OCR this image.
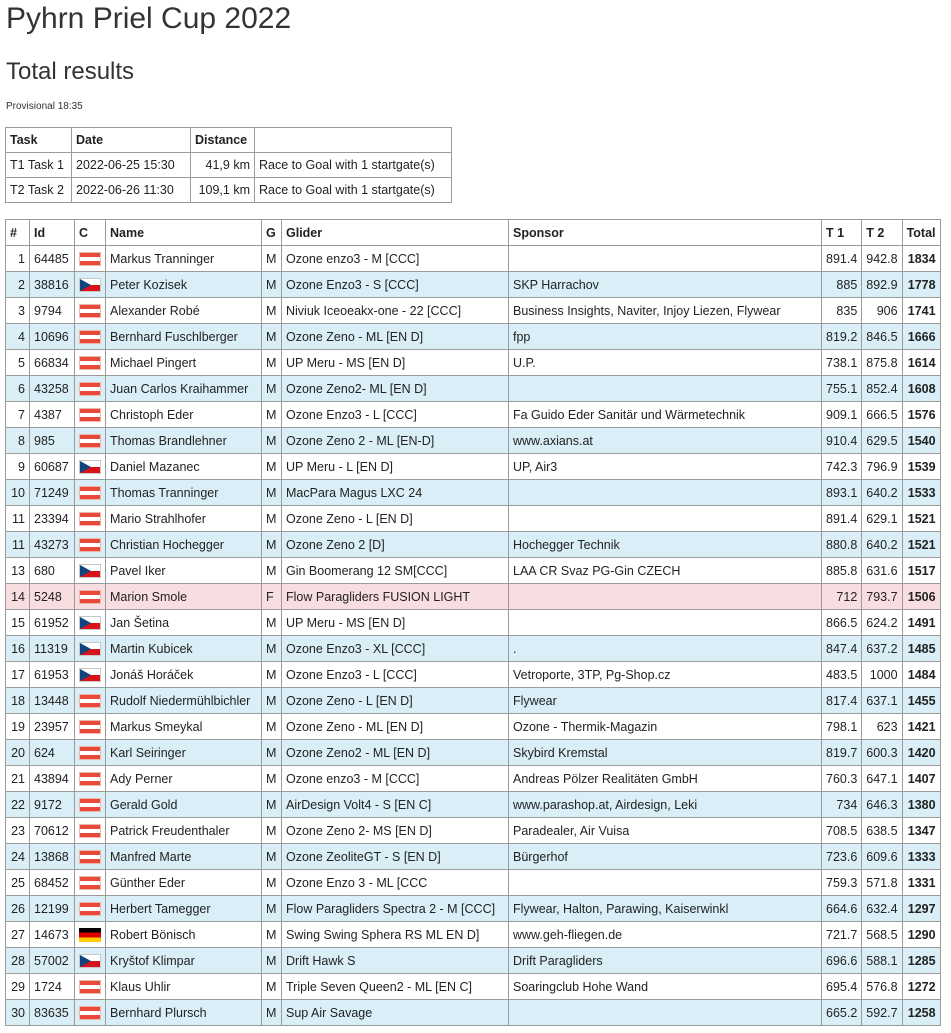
Pyhrn Priel Cup 2022
Total results
Provisional 18:35
Task	Date	Distance	
T1 Task 1	2022-06-25 15:30	41,9 km	Race to Goal with 1 startgate(s)
T2 Task 2	2022-06-26 11:30	109,1 km	Race to Goal with 1 startgate(s)
#	Id	C	Name	G	Glider	Sponsor	T 1	T 2	Total
1	64485		Markus Tranninger	M	Ozone enzo3 - M [CCC]		891.4	942.8	1834
2	38816		Peter Kozisek	M	Ozone Enzo3 - S [CCC]	SKP Harrachov	885	892.9	1778
3	9794		Alexander Robé	M	Niviuk Iceoeakx-one - 22 [CCC]	Business Insights, Naviter, Injoy Liezen, Flywear	835	906	1741
4	10696		Bernhard Fuschlberger	M	Ozone Zeno - ML [EN D]	fpp	819.2	846.5	1666
5	66834		Michael Pingert	M	UP Meru - MS [EN D]	U.P.	738.1	875.8	1614
6	43258		Juan Carlos Kraihammer	M	Ozone Zeno2- ML [EN D]		755.1	852.4	1608
7	4387		Christoph Eder	M	Ozone Enzo3 - L [CCC]	Fa Guido Eder Sanitär und Wärmetechnik	909.1	666.5	1576
8	985		Thomas Brandlehner	M	Ozone Zeno 2 - ML [EN-D]	www.axians.at	910.4	629.5	1540
9	60687		Daniel Mazanec	M	UP Meru - L [EN D]	UP, Air3	742.3	796.9	1539
10	71249		Thomas Tranninger	M	MacPara Magus LXC 24		893.1	640.2	1533
11	23394		Mario Strahlhofer	M	Ozone Zeno - L [EN D]		891.4	629.1	1521
11	43273		Christian Hochegger	M	Ozone Zeno 2 [D]	Hochegger Technik	880.8	640.2	1521
13	680		Pavel Iker	M	Gin Boomerang 12 SM[CCC]	LAA CR Svaz PG-Gin CZECH	885.8	631.6	1517
14	5248		Marion Smole	F	Flow Paragliders FUSION LIGHT		712	793.7	1506
15	61952		Jan Šetina	M	UP Meru - MS [EN D]		866.5	624.2	1491
16	11319		Martin Kubicek	M	Ozone Enzo3 - XL [CCC]	.	847.4	637.2	1485
17	61953		Jonáš Horáček	M	Ozone Enzo3 - L [CCC]	Vetroporte, 3TP, Pg-Shop.cz	483.5	1000	1484
18	13448		Rudolf Niedermühlbichler	M	Ozone Zeno - L [EN D]	Flywear	817.4	637.1	1455
19	23957		Markus Smeykal	M	Ozone Zeno - ML [EN D]	Ozone - Thermik-Magazin	798.1	623	1421
20	624		Karl Seiringer	M	Ozone Zeno2 - ML [EN D]	Skybird Kremstal	819.7	600.3	1420
21	43894		Ady Perner	M	Ozone enzo3 - M [CCC]	Andreas Pölzer Realitäten GmbH	760.3	647.1	1407
22	9172		Gerald Gold	M	AirDesign Volt4 - S [EN C]	www.parashop.at, Airdesign, Leki	734	646.3	1380
23	70612		Patrick Freudenthaler	M	Ozone Zeno 2- MS [EN D]	Paradealer, Air Vuisa	708.5	638.5	1347
24	13868		Manfred Marte	M	Ozone ZeoliteGT - S [EN D]	Bürgerhof	723.6	609.6	1333
25	68452		Günther Eder	M	Ozone Enzo 3 - ML [CCC		759.3	571.8	1331
26	12199		Herbert Tamegger	M	Flow Paragliders Spectra 2 - M [CCC]	Flywear, Halton, Parawing, Kaiserwinkl	664.6	632.4	1297
27	14673		Robert Bönisch	M	Swing Swing Sphera RS ML EN D]	www.geh-fliegen.de	721.7	568.5	1290
28	57002		Kryštof Klimpar	M	Drift Hawk S	Drift Paragliders	696.6	588.1	1285
29	1724		Klaus Uhlir	M	Triple Seven Queen2 - ML [EN C]	Soaringclub Hohe Wand	695.4	576.8	1272
30	83635		Bernhard Plursch	M	Sup Air Savage		665.2	592.7	1258
